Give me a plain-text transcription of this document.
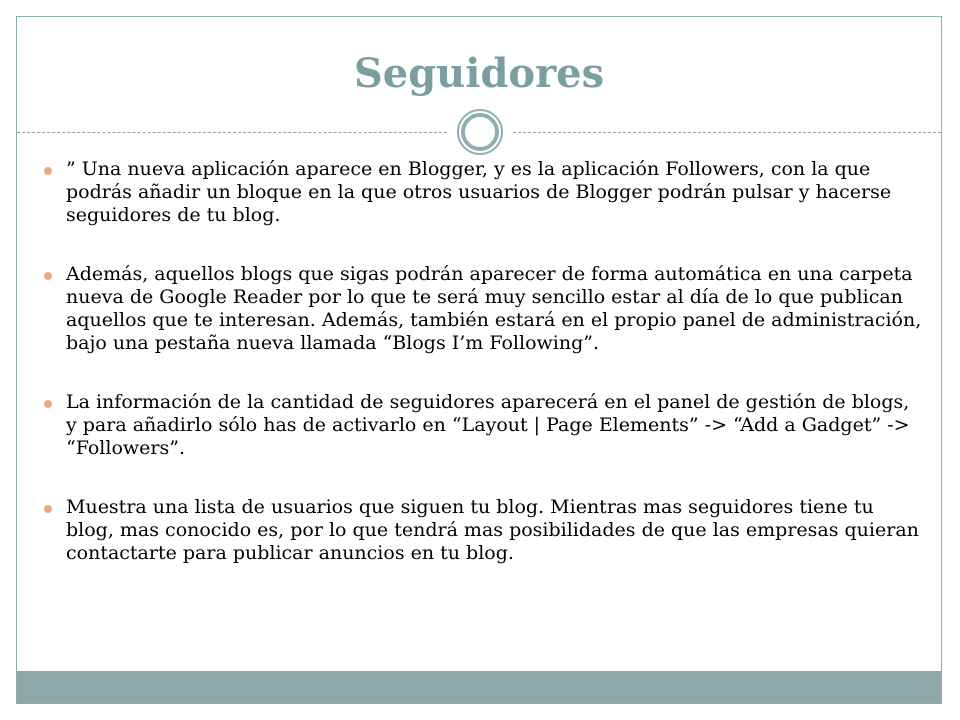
Seguidores
” Una nueva aplicación aparece en Blogger, y es la aplicación Followers, con la que podrás añadir un bloque en la que otros usuarios de Blogger podrán pulsar y hacerse seguidores de tu blog.
Además, aquellos blogs que sigas podrán aparecer de forma automática en una carpeta nueva de Google Reader por lo que te será muy sencillo estar al día de lo que publican aquellos que te interesan. Además, también estará en el propio panel de administración, bajo una pestaña nueva llamada “Blogs I’m Following”.
La información de la cantidad de seguidores aparecerá en el panel de gestión de blogs, y para añadirlo sólo has de activarlo en “Layout | Page Elements” -> “Add a Gadget” -> “Followers”.
Muestra una lista de usuarios que siguen tu blog. Mientras mas seguidores tiene tu blog, mas conocido es, por lo que tendrá mas posibilidades de que las empresas quieran contactarte para publicar anuncios en tu blog.
